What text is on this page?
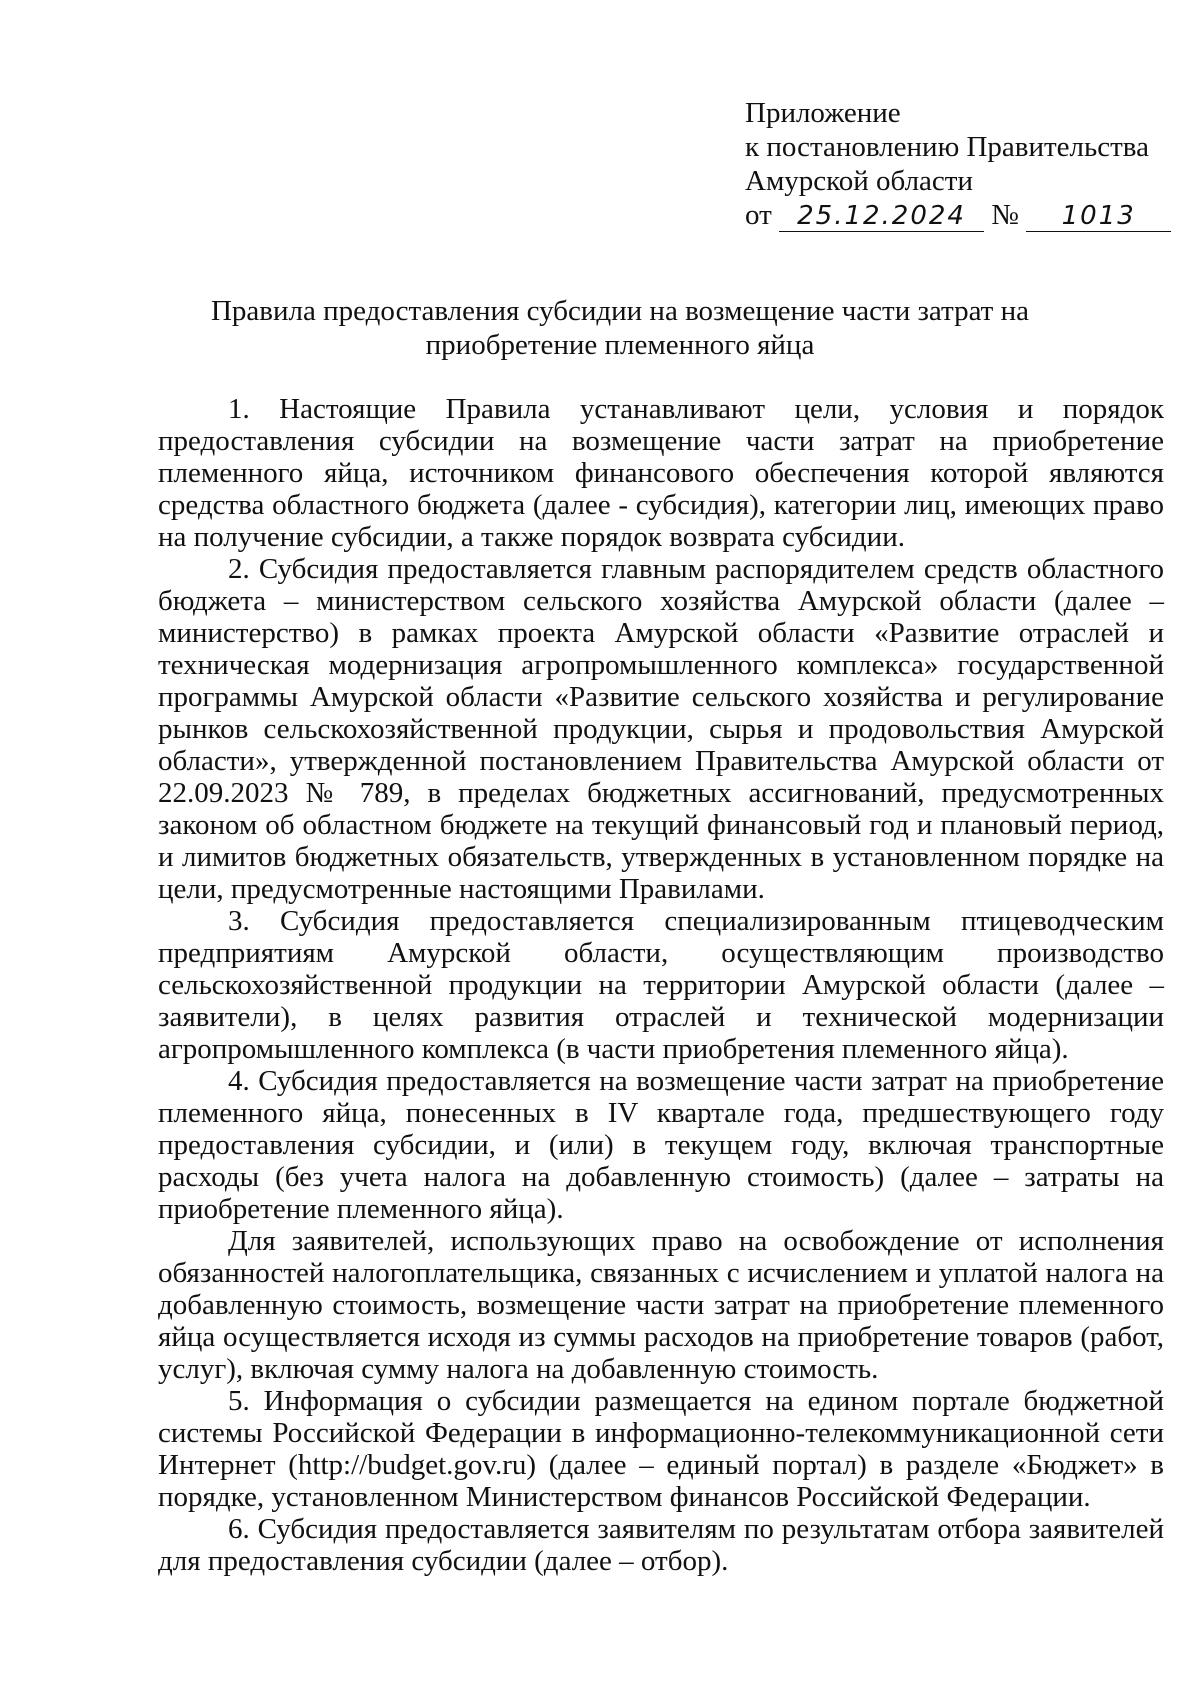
Приложение
к постановлению Правительства
Амурской области
от 25.12.2024 № 1013
Правила предоставления субсидии на возмещение части затрат на
приобретение племенного яйца

1. Настоящие Правила устанавливают цели, условия и порядок предоставления субсидии на возмещение части затрат на приобретение племенного яйца, источником финансового обеспечения которой являются средства областного бюджета (далее - субсидия), категории лиц, имеющих право на получение субсидии, а также порядок возврата субсидии.

2. Субсидия предоставляется главным распорядителем средств областного бюджета – министерством сельского хозяйства Амурской области (далее – министерство) в рамках проекта Амурской области «Развитие отраслей и техническая модернизация агропромышленного комплекса» государственной программы Амурской области «Развитие сельского хозяйства и регулирование рынков сельскохозяйственной продукции, сырья и продовольствия Амурской области», утвержденной постановлением Правительства Амурской области от 22.09.2023 № 789, в пределах бюджетных ассигнований, предусмотренных законом об областном бюджете на текущий финансовый год и плановый период, и лимитов бюджетных обязательств, утвержденных в установленном порядке на цели, предусмотренные настоящими Правилами.

3. Субсидия предоставляется специализированным птицеводческим предприятиям Амурской области, осуществляющим производство сельскохозяйственной продукции на территории Амурской области (далее – заявители), в целях развития отраслей и технической модернизации агропромышленного комплекса (в части приобретения племенного яйца).

4. Субсидия предоставляется на возмещение части затрат на приобретение племенного яйца, понесенных в IV квартале года, предшествующего году предоставления субсидии, и (или) в текущем году, включая транспортные расходы (без учета налога на добавленную стоимость) (далее – затраты на приобретение племенного яйца).

Для заявителей, использующих право на освобождение от исполнения обязанностей налогоплательщика, связанных с исчислением и уплатой налога на добавленную стоимость, возмещение части затрат на приобретение племенного яйца осуществляется исходя из суммы расходов на приобретение товаров (работ, услуг), включая сумму налога на добавленную стоимость.

5. Информация о субсидии размещается на едином портале бюджетной системы Российской Федерации в информационно-телекоммуникационной сети Интернет (http://budget.gov.ru) (далее – единый портал) в разделе «Бюджет» в порядке, установленном Министерством финансов Российской Федерации.

6. Субсидия предоставляется заявителям по результатам отбора заявителей для предоставления субсидии (далее – отбор).
